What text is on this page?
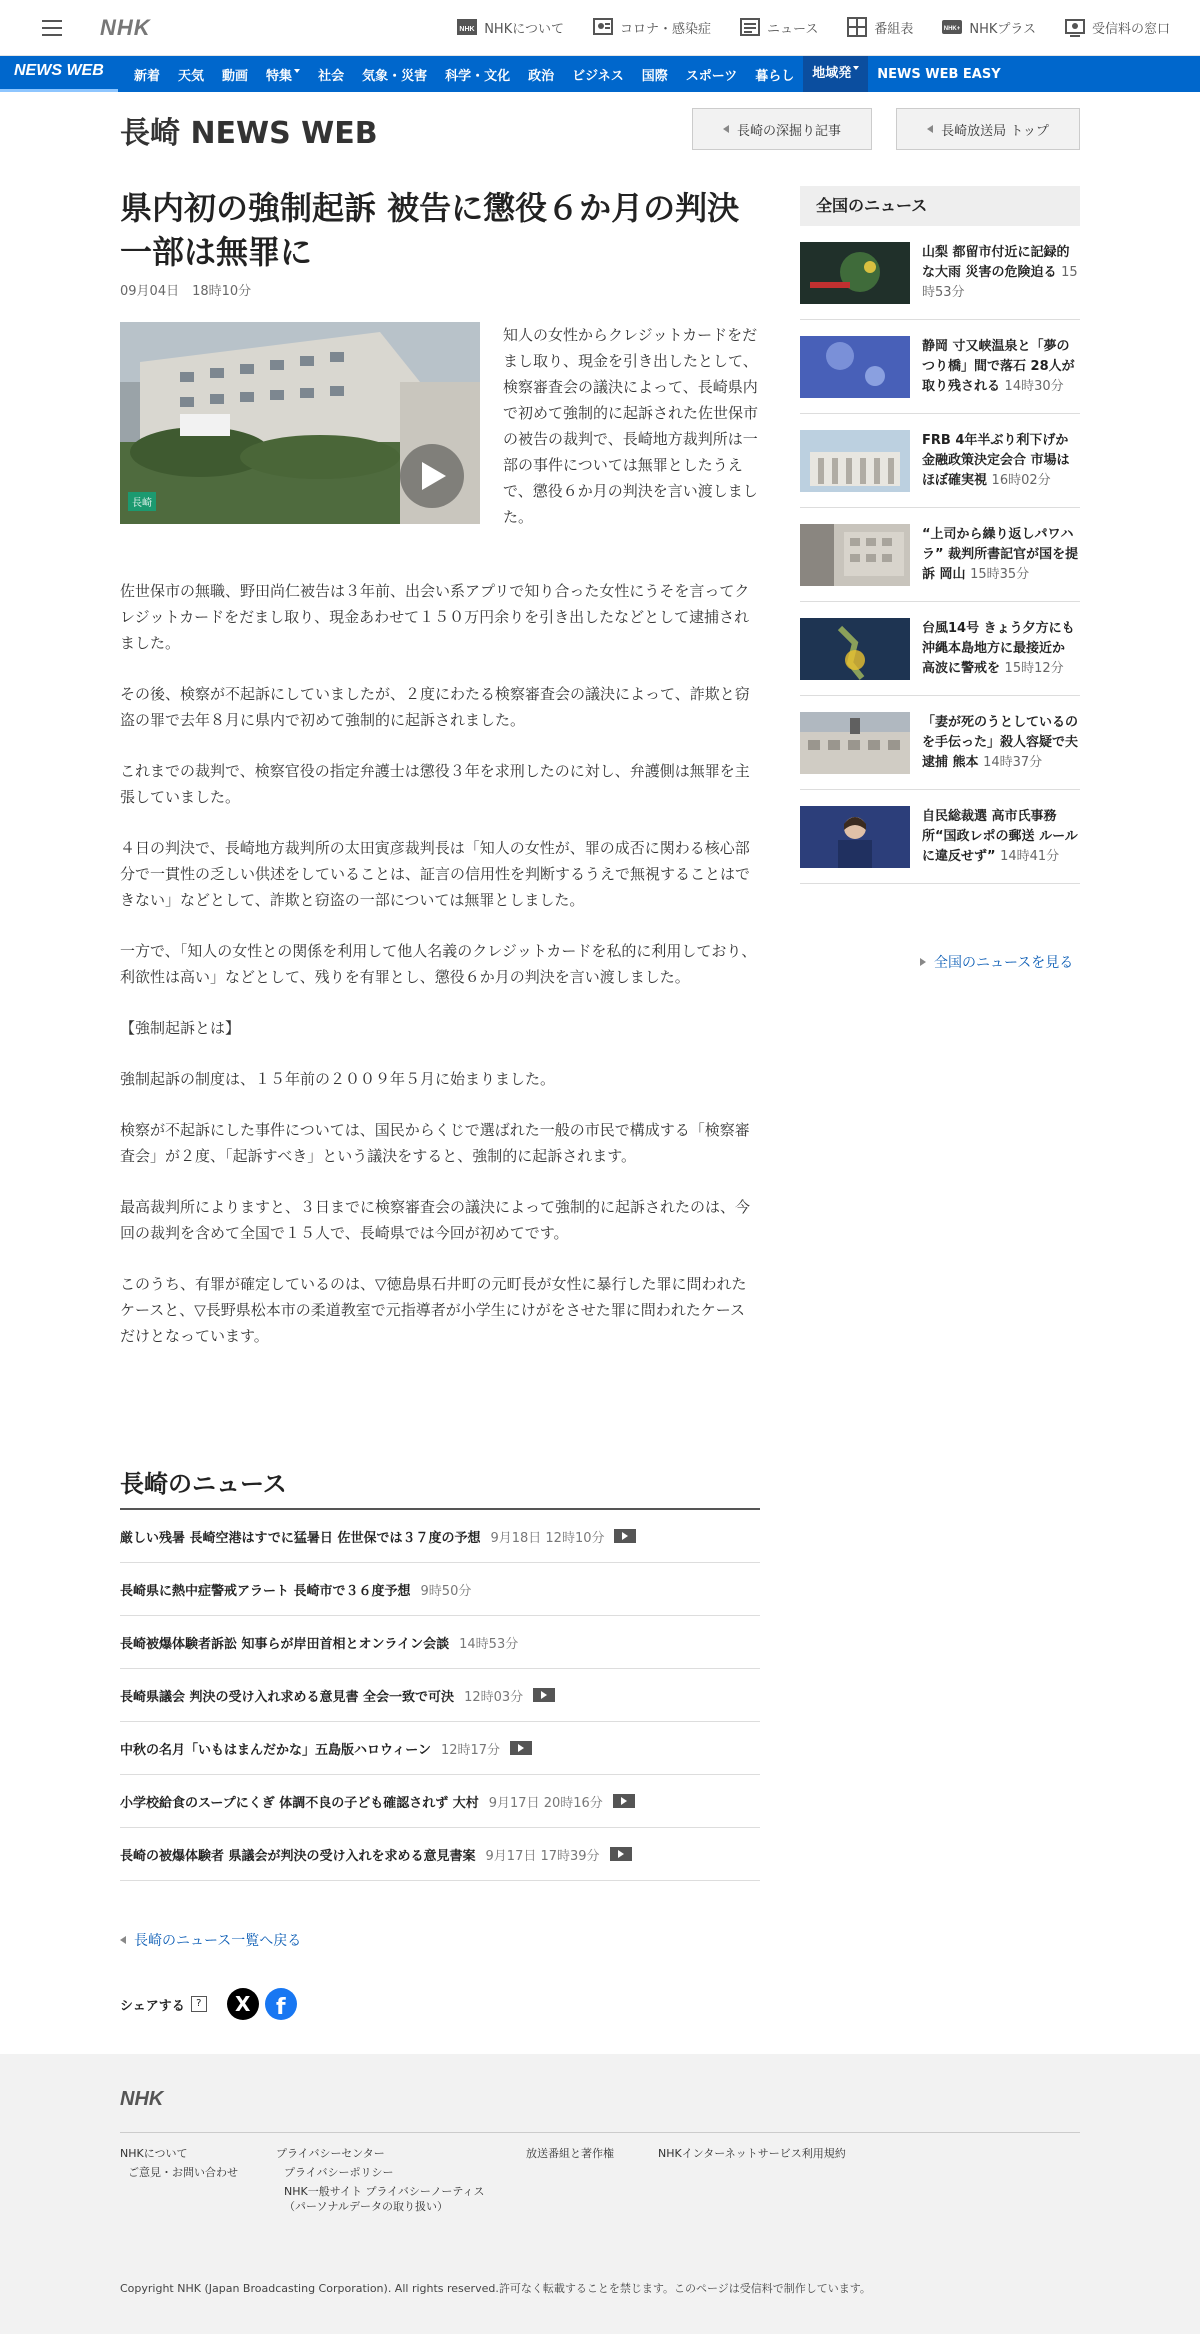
NHK	NHK NHKについて	コロナ・感染症	ニュース	番組表	NHK+ NHKプラス	受信料の窓口
NEWS WEB	新着	天気	動画	特集	社会	気象・災害	科学・文化	政治	ビジネス	国際	スポーツ	暮らし	地域発	NEWS WEB EASY
長崎 NEWS WEB	長崎の深掘り記事	長崎放送局 トップ
県内初の強制起訴 被告に懲役６か月の判決 一部は無罪に
09月04日　18時10分
長崎

知人の女性からクレジットカードをだまし取り、現金を引き出したとして、検察審査会の議決によって、長崎県内で初めて強制的に起訴された佐世保市の被告の裁判で、長崎地方裁判所は一部の事件については無罪としたうえで、懲役６か月の判決を言い渡しました。

佐世保市の無職、野田尚仁被告は３年前、出会い系アプリで知り合った女性にうそを言ってクレジットカードをだまし取り、現金あわせて１５０万円余りを引き出したなどとして逮捕されました。

その後、検察が不起訴にしていましたが、２度にわたる検察審査会の議決によって、詐欺と窃盗の罪で去年８月に県内で初めて強制的に起訴されました。

これまでの裁判で、検察官役の指定弁護士は懲役３年を求刑したのに対し、弁護側は無罪を主張していました。

４日の判決で、長崎地方裁判所の太田寅彦裁判長は「知人の女性が、罪の成否に関わる核心部分で一貫性の乏しい供述をしていることは、証言の信用性を判断するうえで無視することはできない」などとして、詐欺と窃盗の一部については無罪としました。

一方で、「知人の女性との関係を利用して他人名義のクレジットカードを私的に利用しており、利欲性は高い」などとして、残りを有罪とし、懲役６か月の判決を言い渡しました。

【強制起訴とは】

強制起訴の制度は、１５年前の２００９年５月に始まりました。

検察が不起訴にした事件については、国民からくじで選ばれた一般の市民で構成する「検察審査会」が２度、「起訴すべき」という議決をすると、強制的に起訴されます。

最高裁判所によりますと、３日までに検察審査会の議決によって強制的に起訴されたのは、今回の裁判を含めて全国で１５人で、長崎県では今回が初めてです。

このうち、有罪が確定しているのは、▽徳島県石井町の元町長が女性に暴行した罪に問われたケースと、▽長野県松本市の柔道教室で元指導者が小学生にけがをさせた罪に問われたケースだけとなっています。

長崎のニュース
厳しい残暑 長崎空港はすでに猛暑日 佐世保では３７度の予想 9月18日 12時10分
長崎県に熱中症警戒アラート 長崎市で３６度予想 9時50分
長崎被爆体験者訴訟 知事らが岸田首相とオンライン会談 14時53分
長崎県議会 判決の受け入れ求める意見書 全会一致で可決 12時03分
中秋の名月「いもはまんだかな」五島版ハロウィーン 12時17分
小学校給食のスープにくぎ 体調不良の子ども確認されず 大村 9月17日 20時16分
長崎の被爆体験者 県議会が判決の受け入れを求める意見書案 9月17日 17時39分
長崎のニュース一覧へ戻る
シェアする	?	X	f
全国のニュース
山梨 都留市付近に記録的な大雨 災害の危険迫る 15時53分
静岡 寸又峡温泉と「夢のつり橋」間で落石 28人が取り残される 14時30分
FRB 4年半ぶり利下げか 金融政策決定会合 市場はほぼ確実視 16時02分
“上司から繰り返しパワハラ” 裁判所書記官が国を提訴 岡山 15時35分
台風14号 きょう夕方にも沖縄本島地方に最接近か 高波に警戒を 15時12分
「妻が死のうとしているのを手伝った」殺人容疑で夫逮捕 熊本 14時37分
自民総裁選 高市氏事務所“国政レポの郵送 ルールに違反せず” 14時41分
全国のニュースを見る
NHK
NHKについて
ご意見・お問い合わせ
プライバシーセンター
プライバシーポリシー
NHK一般サイト プライバシーノーティス
（パーソナルデータの取り扱い）
放送番組と著作権	NHKインターネットサービス利用規約
Copyright NHK (Japan Broadcasting Corporation). All rights reserved.許可なく転載することを禁じます。このページは受信料で制作しています。
